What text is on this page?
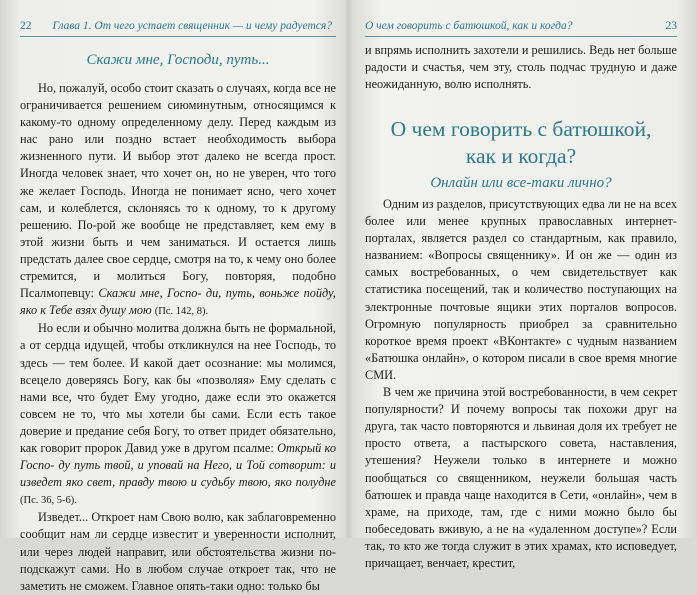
22 Глава 1. От чего устает священник — и чему радуется?
Скажи мне, Господи, путь...

Но, пожалуй, особо стоит сказать о случаях, когда все не ограничивается решением сиюминутным, относящимся к какому-то одному определенному делу. Перед каждым из нас рано или поздно встает необходимость выбора жизненного пути. И выбор этот далеко не всегда прост. Иногда человек знает, что хочет он, но не уверен, что того же желает Господь. Иногда не понимает ясно, чего хочет сам, и колеблется, склоняясь то к одному, то к другому решению. По-рой же вообще не представляет, кем ему в этой жизни быть и чем заниматься. И остается лишь предстать далее свое сердце, смотря на то, к чему оно более стремится, и молиться Богу, повторяя, подобно Псалмопевцу: Скажи мне, Госпо- ди, путь, воньже пойду, яко к Тебе взях душу мою (Пс. 142, 8).

Но если и обычно молитва должна быть не формальной, а от сердца идущей, чтобы откликнулся на нее Господь, то здесь — тем более. И какой дает осознание: мы молимся, всецело доверяясь Богу, как бы «позволяя» Ему сделать с нами все, что будет Ему угодно, даже если это окажется совсем не то, что мы хотели бы сами. Если есть такое доверие и предание себя Богу, то ответ придет обязательно, как говорит пророк Давид уже в другом псалме: Открый ко Госпо- ду путь твой, и уповай на Него, и Той сотворит: и изведет яко свет, правду твою и судьбу твою, яко полудне (Пс. 36, 5-6).

Изведет... Откроет нам Свою волю, как заблаговременно сообщит нам ли сердце известит и уверенности исполнит, или через людей направит, или обстоятельства жизни по-подскажут сами. Но в любом случае откроет так, что не заметить не сможем. Главное опять-таки одно: только бы

О чем говорить с батюшкой, как и когда?	23

и впрямь исполнить захотели и решились. Ведь нет больше радости и счастья, чем эту, столь подчас трудную и даже неожиданную, волю исполнять.

О чем говорить с батюшкой,
как и когда?
Онлайн или все-таки лично?

Одним из разделов, присутствующих едва ли не на всех более или менее крупных православных интернет-порталах, является раздел со стандартным, как правило, названием: «Вопросы священнику». И он же — один из самых востребованных, о чем свидетельствует как статистика посещений, так и количество поступающих на электронные почтовые ящики этих порталов вопросов. Огромную популярность приобрел за сравнительно короткое время проект «ВКонтакте» с чудным названием «Батюшка онлайн», о котором писали в свое время многие СМИ.

В чем же причина этой востребованности, в чем секрет популярности? И почему вопросы так похожи друг на друга, так часто повторяются и львиная доля их требует не просто ответа, а пастырского совета, наставления, утешения? Неужели только в интернете и можно пообщаться со священником, неужели большая часть батюшек и правда чаще находится в Сети, «онлайн», чем в храме, на приходе, там, где с ними можно было бы побеседовать вживую, а не на «удаленном доступе»? Если так, то кто же тогда служит в этих храмах, кто исповедует, причащает, венчает, крестит,
